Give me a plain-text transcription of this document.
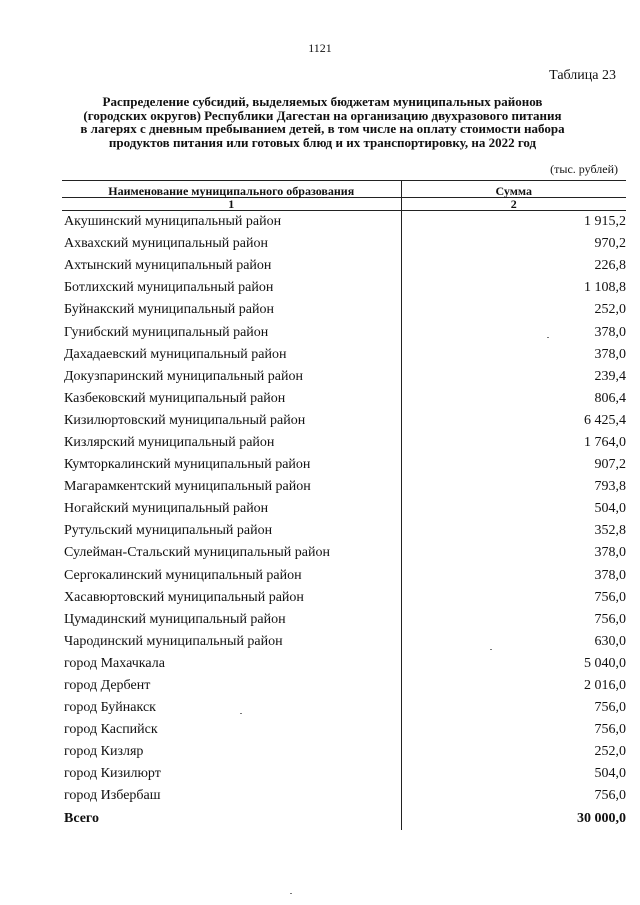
1121
Таблица 23
Распределение субсидий, выделяемых бюджетам муниципальных районов
(городских округов) Республики Дагестан на организацию двухразового питания
в лагерях с дневным пребыванием детей, в том числе на оплату стоимости набора
продуктов питания или готовых блюд и их транспортировку, на 2022 год
(тыс. рублей)
Наименование муниципального образования	Сумма
1	2
Акушинский муниципальный район	1 915,2
Ахвахский муниципальный район	970,2
Ахтынский муниципальный район	226,8
Ботлихский муниципальный район	1 108,8
Буйнакский муниципальный район	252,0
Гунибский муниципальный район	378,0
Дахадаевский муниципальный район	378,0
Докузпаринский муниципальный район	239,4
Казбековский муниципальный район	806,4
Кизилюртовский муниципальный район	6 425,4
Кизлярский муниципальный район	1 764,0
Кумторкалинский муниципальный район	907,2
Магарамкентский муниципальный район	793,8
Ногайский муниципальный район	504,0
Рутульский муниципальный район	352,8
Сулейман-Стальский муниципальный район	378,0
Сергокалинский муниципальный район	378,0
Хасавюртовский муниципальный район	756,0
Цумадинский муниципальный район	756,0
Чародинский муниципальный район	630,0
город Махачкала	5 040,0
город Дербент	2 016,0
город Буйнакск	756,0
город Каспийск	756,0
город Кизляр	252,0
город Кизилюрт	504,0
город Избербаш	756,0
Всего	30 000,0
